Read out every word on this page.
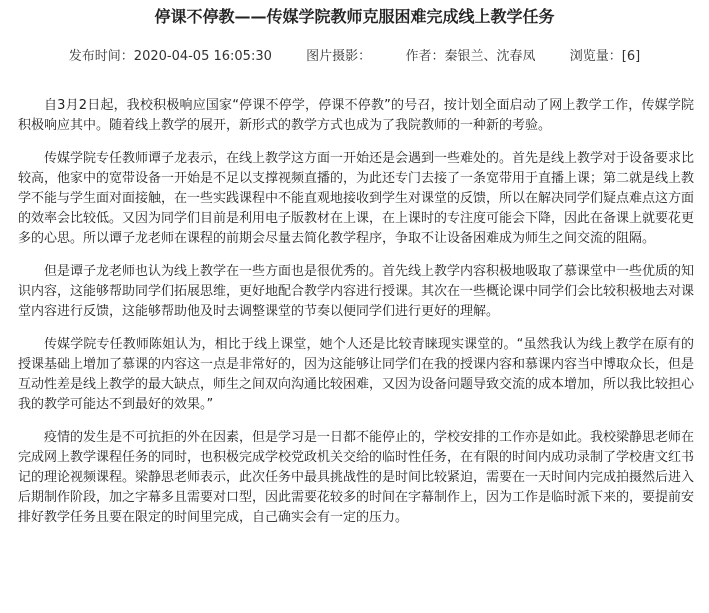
停课不停教——传媒学院教师克服困难完成线上教学任务
发布时间：2020-04-05 16:05:30	图片摄影：	作者：秦银兰、沈春凤	浏览量：[6]

自3月2日起，我校积极响应国家“停课不停学，停课不停教”的号召，按计划全面启动了网上教学工作，传媒学院积极响应其中。随着线上教学的展开，新形式的教学方式也成为了我院教师的一种新的考验。

传媒学院专任教师谭子龙表示，在线上教学这方面一开始还是会遇到一些难处的。首先是线上教学对于设备要求比较高，他家中的宽带设备一开始是不足以支撑视频直播的，为此还专门去接了一条宽带用于直播上课；第二就是线上教学不能与学生面对面接触，在一些实践课程中不能直观地接收到学生对课堂的反馈，所以在解决同学们疑点难点这方面的效率会比较低。又因为同学们目前是利用电子版教材在上课，在上课时的专注度可能会下降，因此在备课上就要花更多的心思。所以谭子龙老师在课程的前期会尽量去简化教学程序，争取不让设备困难成为师生之间交流的阻隔。

但是谭子龙老师也认为线上教学在一些方面也是很优秀的。首先线上教学内容积极地吸取了慕课堂中一些优质的知识内容，这能够帮助同学们拓展思维，更好地配合教学内容进行授课。其次在一些概论课中同学们会比较积极地去对课堂内容进行反馈，这能够帮助他及时去调整课堂的节奏以便同学们进行更好的理解。

传媒学院专任教师陈姐认为，相比于线上课堂，她个人还是比较青睐现实课堂的。“虽然我认为线上教学在原有的授课基础上增加了慕课的内容这一点是非常好的，因为这能够让同学们在我的授课内容和慕课内容当中博取众长，但是互动性差是线上教学的最大缺点，师生之间双向沟通比较困难，又因为设备问题导致交流的成本增加，所以我比较担心我的教学可能达不到最好的效果。”

疫情的发生是不可抗拒的外在因素，但是学习是一日都不能停止的，学校安排的工作亦是如此。我校梁静思老师在完成网上教学课程任务的同时，也积极完成学校党政机关交给的临时性任务，在有限的时间内成功录制了学校唐文红书记的理论视频课程。梁静思老师表示，此次任务中最具挑战性的是时间比较紧迫，需要在一天时间内完成拍摄然后进入后期制作阶段，加之字幕多且需要对口型，因此需要花较多的时间在字幕制作上，因为工作是临时派下来的，要提前安排好教学任务且要在限定的时间里完成，自己确实会有一定的压力。
